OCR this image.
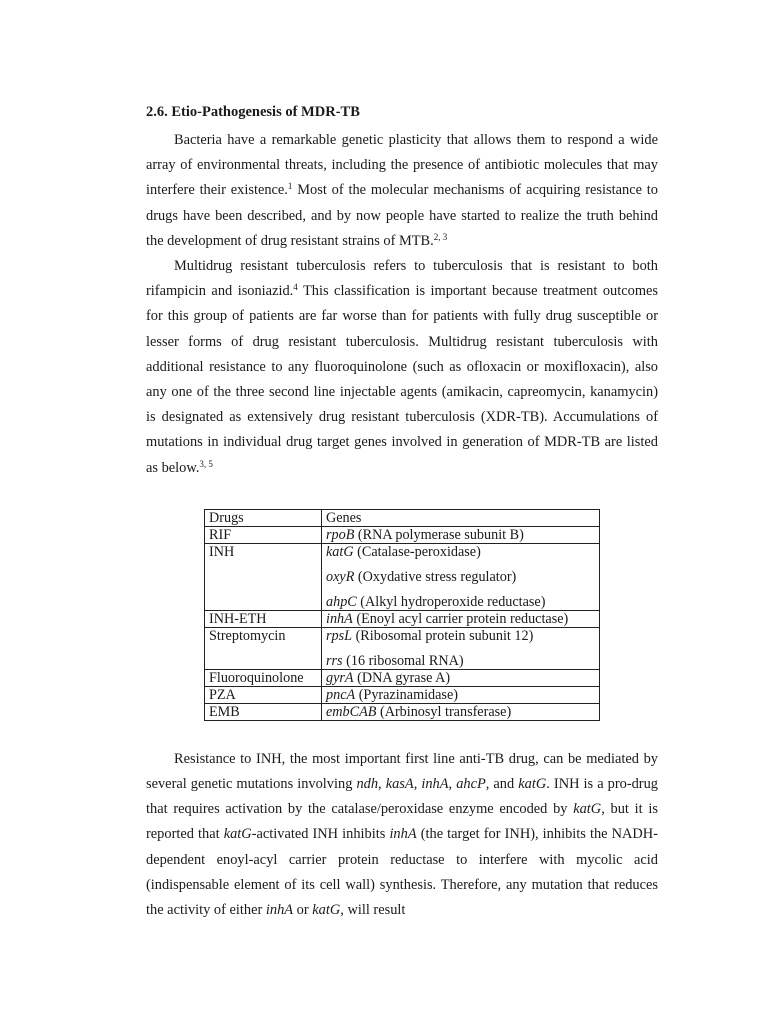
2.6. Etio-Pathogenesis of MDR-TB

Bacteria have a remarkable genetic plasticity that allows them to respond a wide array of environmental threats, including the presence of antibiotic molecules that may interfere their existence.$^1$ Most of the molecular mechanisms of acquiring resistance to drugs have been described, and by now people have started to realize the truth behind the development of drug resistant strains of MTB.$^{2, 3}$

Multidrug resistant tuberculosis refers to tuberculosis that is resistant to both rifampicin and isoniazid.$^4$ This classification is important because treatment outcomes for this group of patients are far worse than for patients with fully drug susceptible or lesser forms of drug resistant tuberculosis. Multidrug resistant tuberculosis with additional resistance to any fluoroquinolone (such as ofloxacin or moxifloxacin), also any one of the three second line injectable agents (amikacin, capreomycin, kanamycin) is designated as extensively drug resistant tuberculosis (XDR-TB). Accumulations of mutations in individual drug target genes involved in generation of MDR-TB are listed as below.$^{3, 5}$

Drugs	Genes
RIF	rpoB (RNA polymerase subunit B)

INH	katG (Catalase-peroxidase)
oxyR (Oxydative stress regulator)
ahpC (Alkyl hydroperoxide reductase)

INH-ETH	inhA (Enoyl acyl carrier protein reductase)

Streptomycin	rpsL (Ribosomal protein subunit 12)
rrs (16 ribosomal RNA)

Fluoroquinolone	gyrA (DNA gyrase A)

PZA	pncA (Pyrazinamidase)

EMB	embCAB (Arbinosyl transferase)

Resistance to INH, the most important first line anti-TB drug, can be mediated by several genetic mutations involving ndh, kasA, inhA, ahcP, and katG. INH is a pro-drug that requires activation by the catalase/peroxidase enzyme encoded by katG, but it is reported that katG-activated INH inhibits inhA (the target for INH), inhibits the NADH-dependent enoyl-acyl carrier protein reductase to interfere with mycolic acid (indispensable element of its cell wall) synthesis. Therefore, any mutation that reduces the activity of either inhA or katG, will result
